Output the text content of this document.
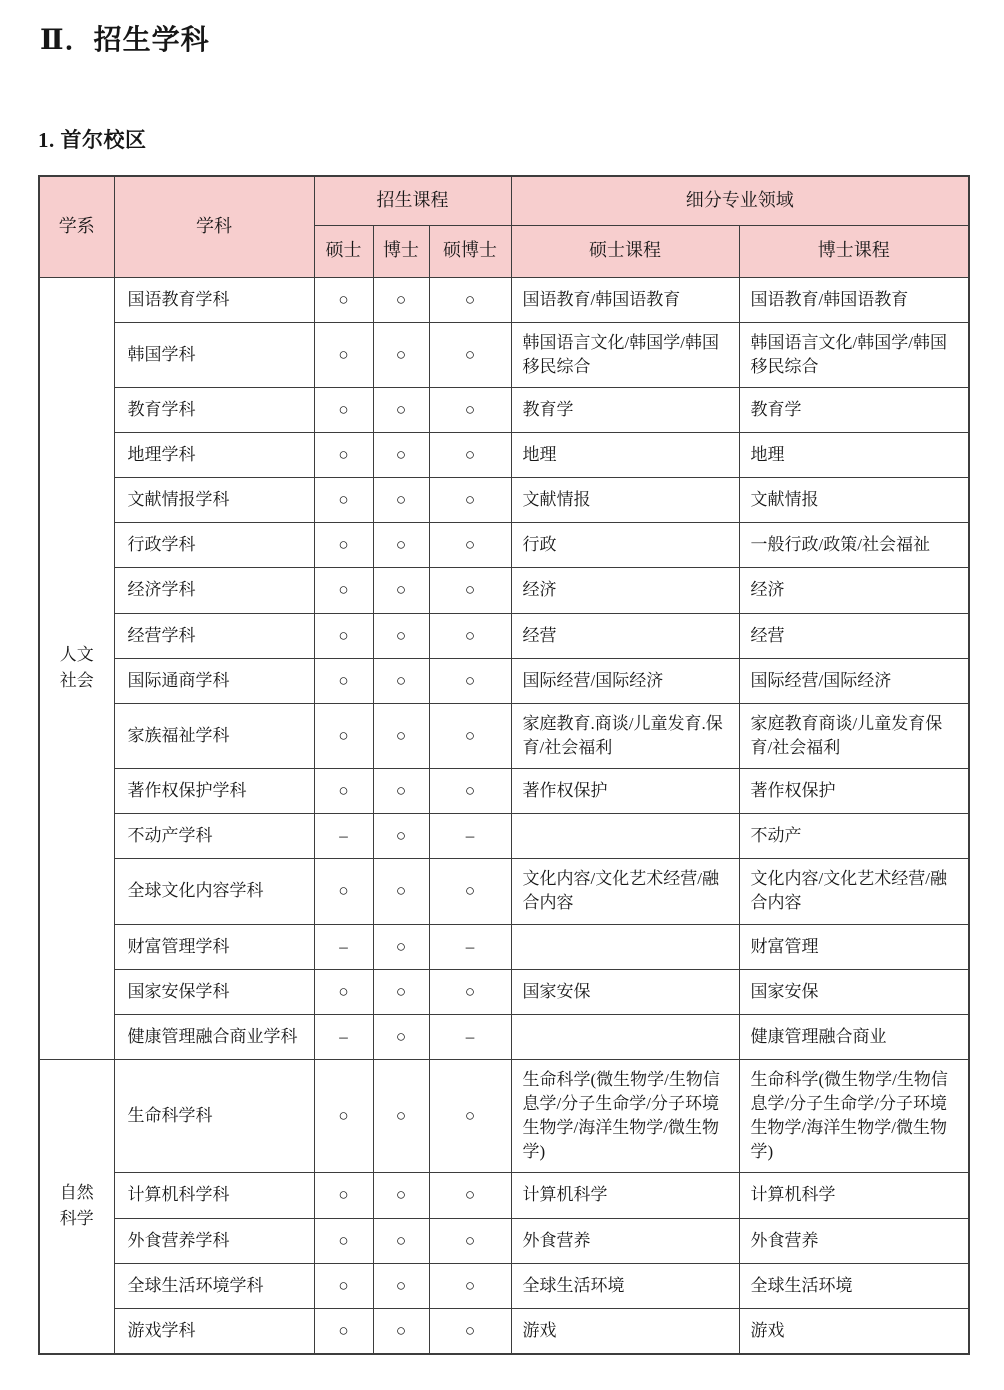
Ⅱ．招生学科
1. 首尔校区
学系	学科	招生课程			细分专业领域	
		硕士	博士	硕博士	硕士课程	博士课程
人文社会	国语教育学科	○	○	○	国语教育/韩国语教育	国语教育/韩国语教育
	韩国学科	○	○	○	韩国语言文化/韩国学/韩国移民综合	韩国语言文化/韩国学/韩国移民综合
	教育学科	○	○	○	教育学	教育学
	地理学科	○	○	○	地理	地理
	文献情报学科	○	○	○	文献情报	文献情报
	行政学科	○	○	○	行政	一般行政/政策/社会福祉
	经济学科	○	○	○	经济	经济
	经营学科	○	○	○	经营	经营
	国际通商学科	○	○	○	国际经营/国际经济	国际经营/国际经济
	家族福祉学科	○	○	○	家庭教育.商谈/儿童发育.保育/社会福利	家庭教育商谈/儿童发育保育/社会福利
	著作权保护学科	○	○	○	著作权保护	著作权保护
	不动产学科	–	○	–		不动产
	全球文化内容学科	○	○	○	文化内容/文化艺术经营/融合内容	文化内容/文化艺术经营/融合内容
	财富管理学科	–	○	–		财富管理
	国家安保学科	○	○	○	国家安保	国家安保
	健康管理融合商业学科	–	○	–		健康管理融合商业
自然科学	生命科学科	○	○	○	生命科学(微生物学/生物信息学/分子生命学/分子环境生物学/海洋生物学/微生物学)	生命科学(微生物学/生物信息学/分子生命学/分子环境生物学/海洋生物学/微生物学)
	计算机科学科	○	○	○	计算机科学	计算机科学
	外食营养学科	○	○	○	外食营养	外食营养
	全球生活环境学科	○	○	○	全球生活环境	全球生活环境
	游戏学科	○	○	○	游戏	游戏
